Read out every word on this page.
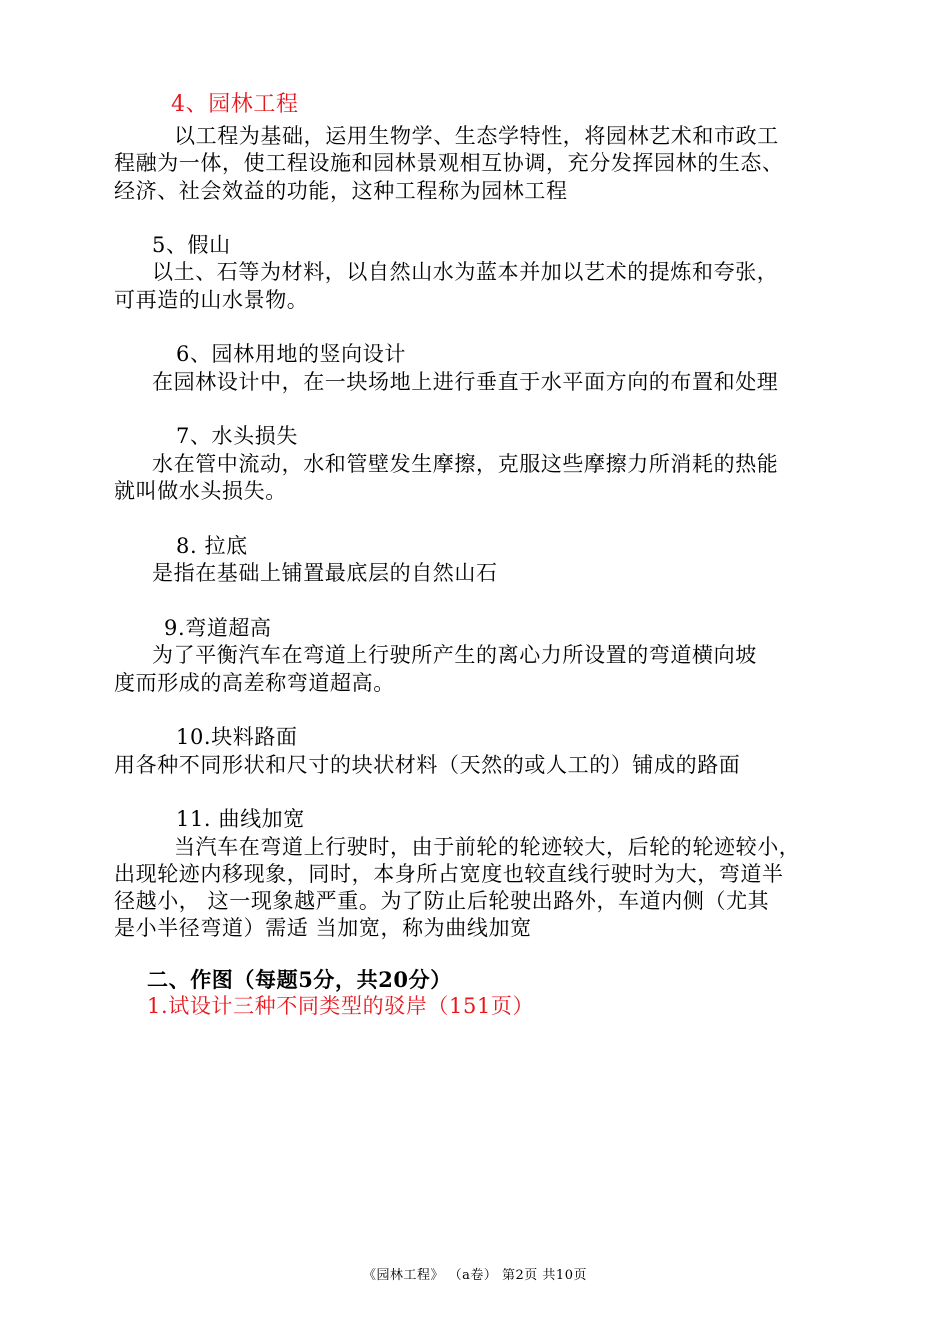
4、园林工程
以工程为基础，运用生物学、生态学特性，将园林艺术和市政工
程融为一体，使工程设施和园林景观相互协调，充分发挥园林的生态、
经济、社会效益的功能，这种工程称为园林工程
5、假山
以土、石等为材料，以自然山水为蓝本并加以艺术的提炼和夸张，
可再造的山水景物。
6、园林用地的竖向设计
在园林设计中，在一块场地上进行垂直于水平面方向的布置和处理
7、水头损失
水在管中流动，水和管壁发生摩擦，克服这些摩擦力所消耗的热能
就叫做水头损失。
8. 拉底
是指在基础上铺置最底层的自然山石
9.弯道超高
为了平衡汽车在弯道上行驶所产生的离心力所设置的弯道横向坡
度而形成的高差称弯道超高。
10.块料路面
用各种不同形状和尺寸的块状材料（天然的或人工的）铺成的路面
11. 曲线加宽
当汽车在弯道上行驶时，由于前轮的轮迹较大，后轮的轮迹较小，
出现轮迹内移现象，同时，本身所占宽度也较直线行驶时为大，弯道半
径越小， 这一现象越严重。为了防止后轮驶出路外，车道内侧（尤其
是小半径弯道）需适 当加宽，称为曲线加宽
二、作图（每题5分，共20分）
1.试设计三种不同类型的驳岸（151页）
《园林工程》 （a卷） 第2页 共10页
